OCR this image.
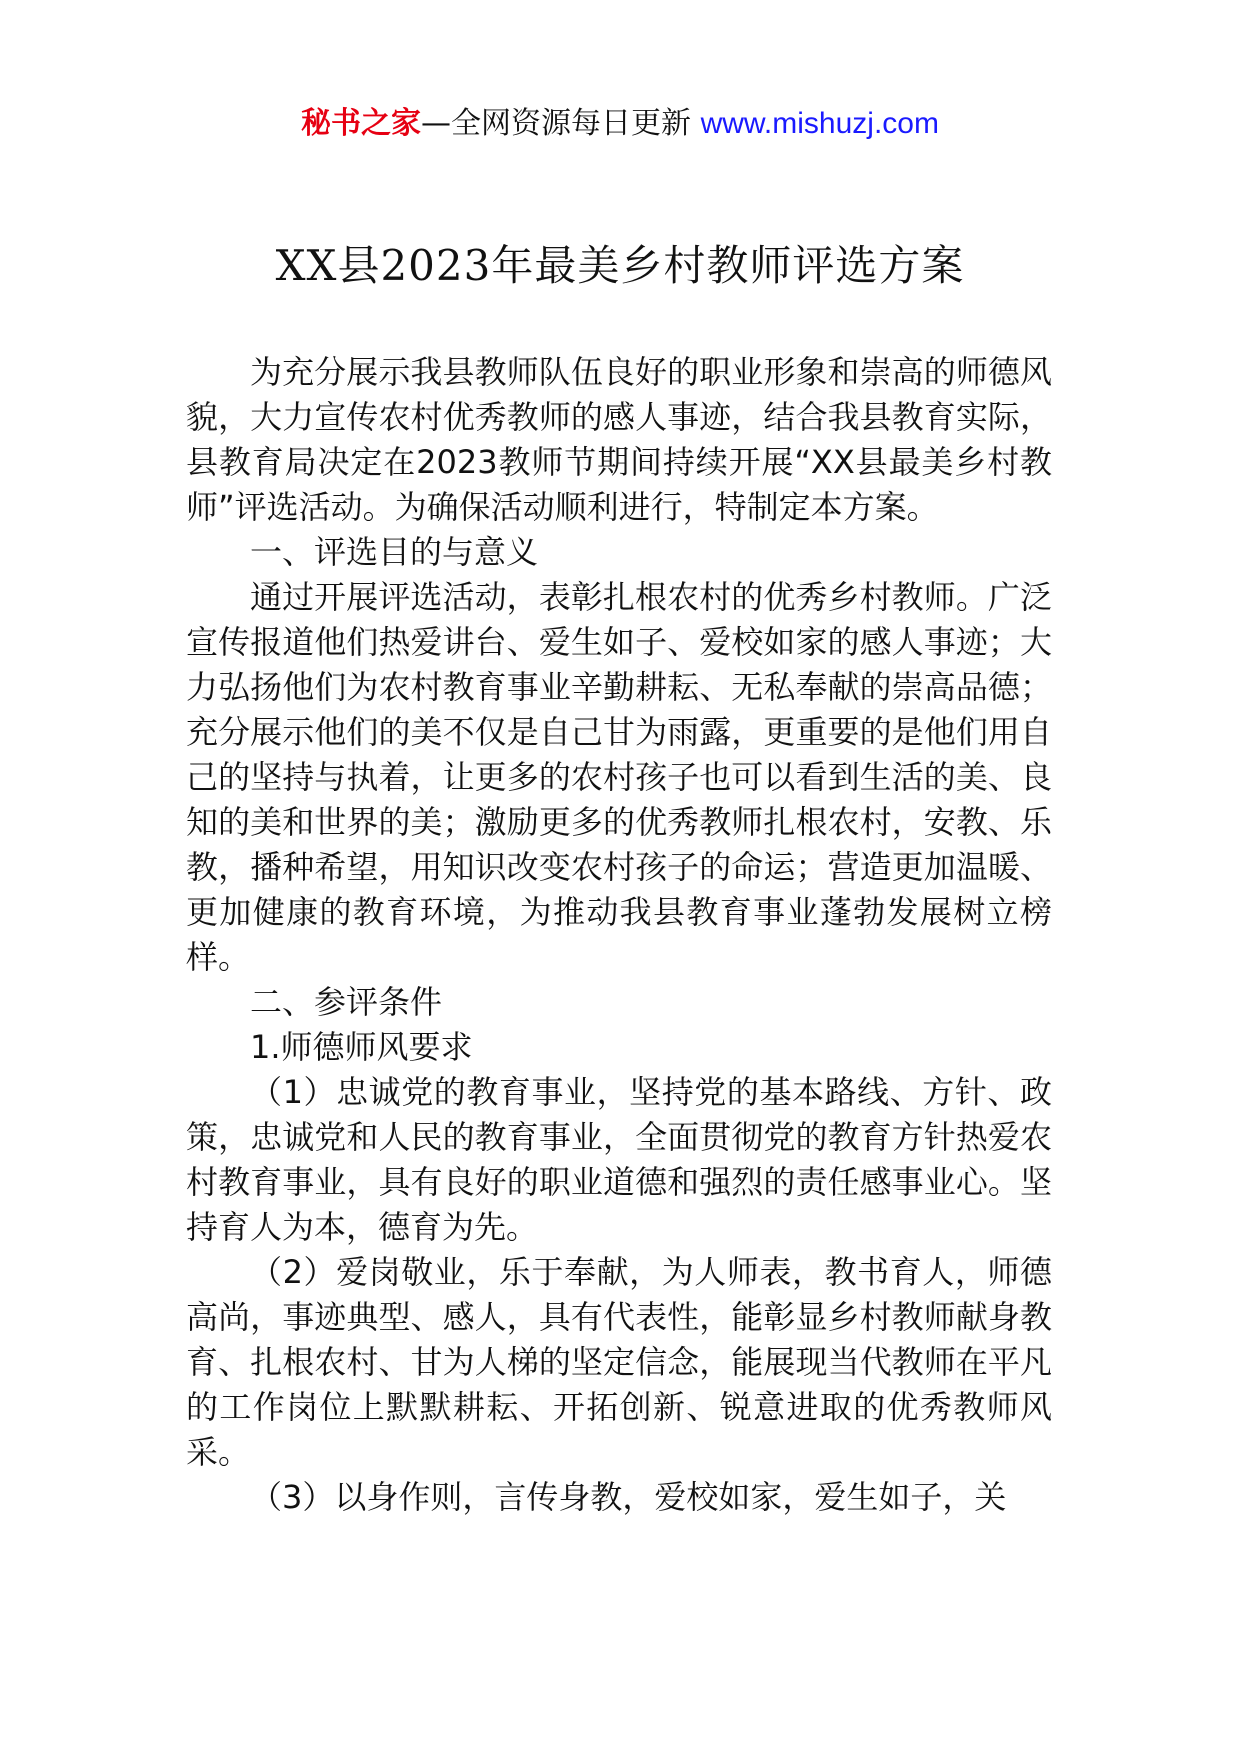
秘书之家—全网资源每日更新 www.mishuzj.com
XX县2023年最美乡村教师评选方案

为充分展示我县教师队伍良好的职业形象和崇高的师德风貌，大力宣传农村优秀教师的感人事迹，结合我县教育实际，县教育局决定在2023教师节期间持续开展“XX县最美乡村教师”评选活动。为确保活动顺利进行，特制定本方案。

一、评选目的与意义

通过开展评选活动，表彰扎根农村的优秀乡村教师。广泛宣传报道他们热爱讲台、爱生如子、爱校如家的感人事迹；大力弘扬他们为农村教育事业辛勤耕耘、无私奉献的崇高品德；充分展示他们的美不仅是自己甘为雨露，更重要的是他们用自己的坚持与执着，让更多的农村孩子也可以看到生活的美、良知的美和世界的美；激励更多的优秀教师扎根农村，安教、乐教，播种希望，用知识改变农村孩子的命运；营造更加温暖、更加健康的教育环境，为推动我县教育事业蓬勃发展树立榜样。

二、参评条件

1.师德师风要求

（1）忠诚党的教育事业，坚持党的基本路线、方针、政策，忠诚党和人民的教育事业，全面贯彻党的教育方针热爱农村教育事业，具有良好的职业道德和强烈的责任感事业心。坚持育人为本，德育为先。

（2）爱岗敬业，乐于奉献，为人师表，教书育人，师德高尚，事迹典型、感人，具有代表性，能彰显乡村教师献身教育、扎根农村、甘为人梯的坚定信念，能展现当代教师在平凡的工作岗位上默默耕耘、开拓创新、锐意进取的优秀教师风采。

（3）以身作则，言传身教，爱校如家，爱生如子，关
